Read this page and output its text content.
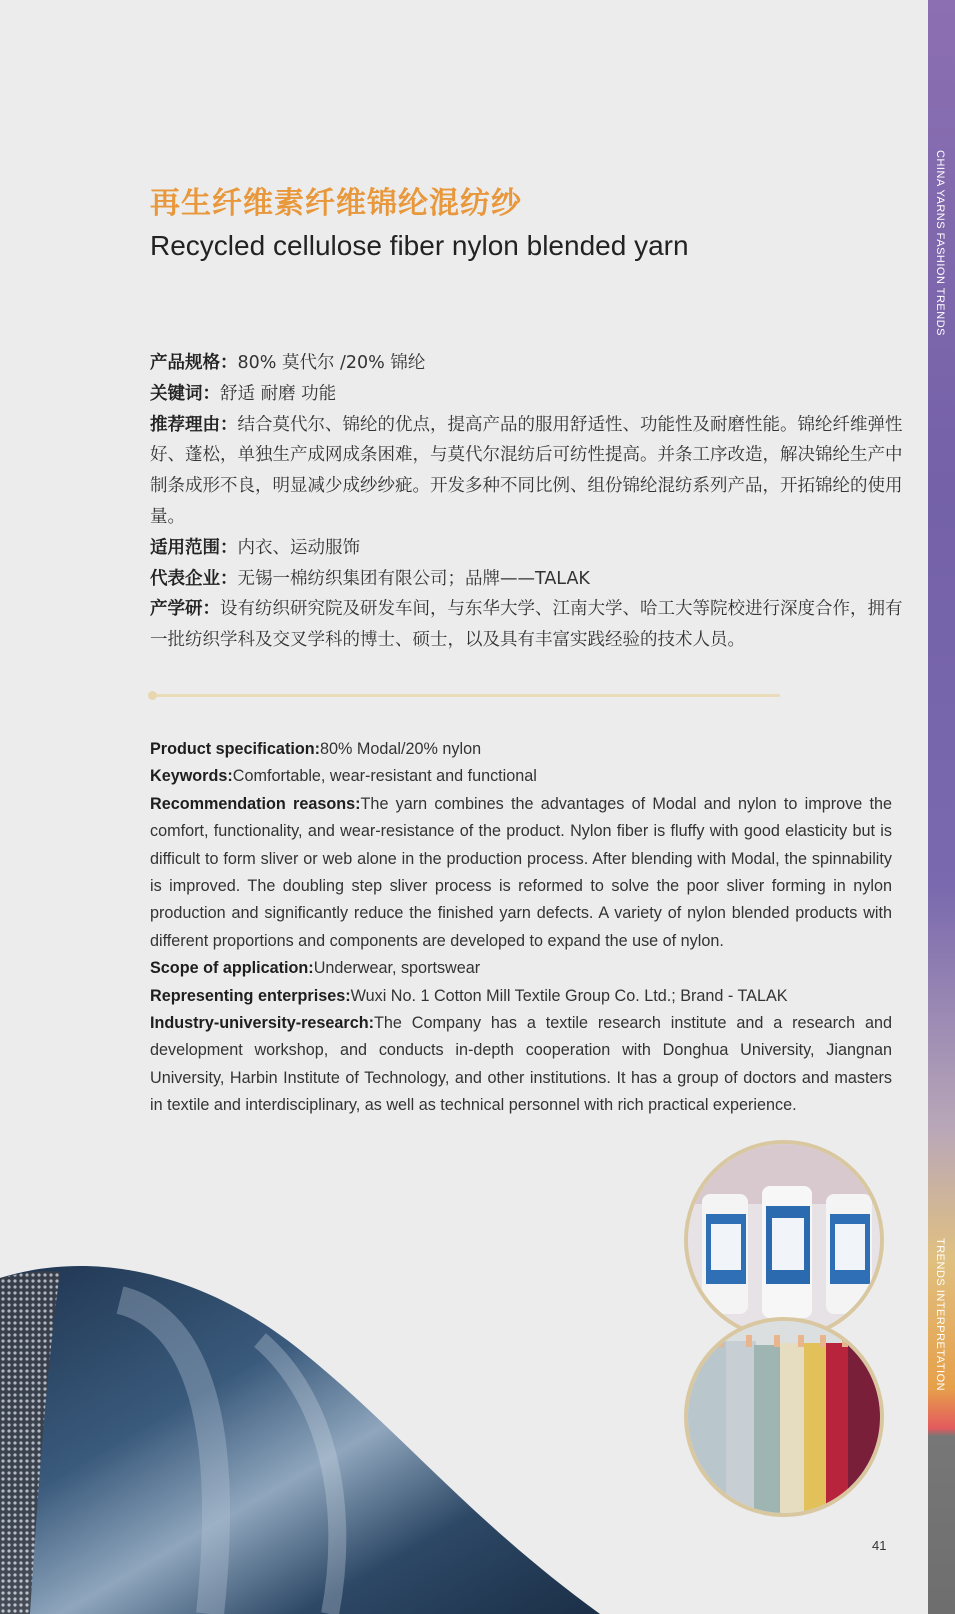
CHINA YARNS FASHION TRENDS
TRENDS INTERPRETATION
再生纤维素纤维锦纶混纺纱
Recycled cellulose fiber nylon blended yarn

产品规格：80% 莫代尔 /20% 锦纶

关键词：舒适 耐磨 功能

推荐理由：结合莫代尔、锦纶的优点，提高产品的服用舒适性、功能性及耐磨性能。锦纶纤维弹性好、蓬松，单独生产成网成条困难，与莫代尔混纺后可纺性提高。并条工序改造，解决锦纶生产中制条成形不良，明显减少成纱纱疵。开发多种不同比例、组份锦纶混纺系列产品，开拓锦纶的使用量。

适用范围：内衣、运动服饰

代表企业：无锡一棉纺织集团有限公司；品牌——TALAK

产学研：设有纺织研究院及研发车间，与东华大学、江南大学、哈工大等院校进行深度合作，拥有一批纺织学科及交叉学科的博士、硕士，以及具有丰富实践经验的技术人员。

Product specification:80% Modal/20% nylon

Keywords:Comfortable, wear-resistant and functional

Recommendation reasons:The yarn combines the advantages of Modal and nylon to improve the comfort, functionality, and wear-resistance of the product. Nylon fiber is fluffy with good elasticity but is difficult to form sliver or web alone in the production process. After blending with Modal, the spinnability is improved. The doubling step sliver process is reformed to solve the poor sliver forming in nylon production and significantly reduce the finished yarn defects. A variety of nylon blended products with different proportions and components are developed to expand the use of nylon.

Scope of application:Underwear, sportswear

Representing enterprises:Wuxi No. 1 Cotton Mill Textile Group Co. Ltd.; Brand - TALAK

Industry-university-research:The Company has a textile research institute and a research and development workshop, and conducts in-depth cooperation with Donghua University, Jiangnan University, Harbin Institute of Technology, and other institutions. It has a group of doctors and masters in textile and interdisciplinary, as well as technical personnel with rich practical experience.

41
